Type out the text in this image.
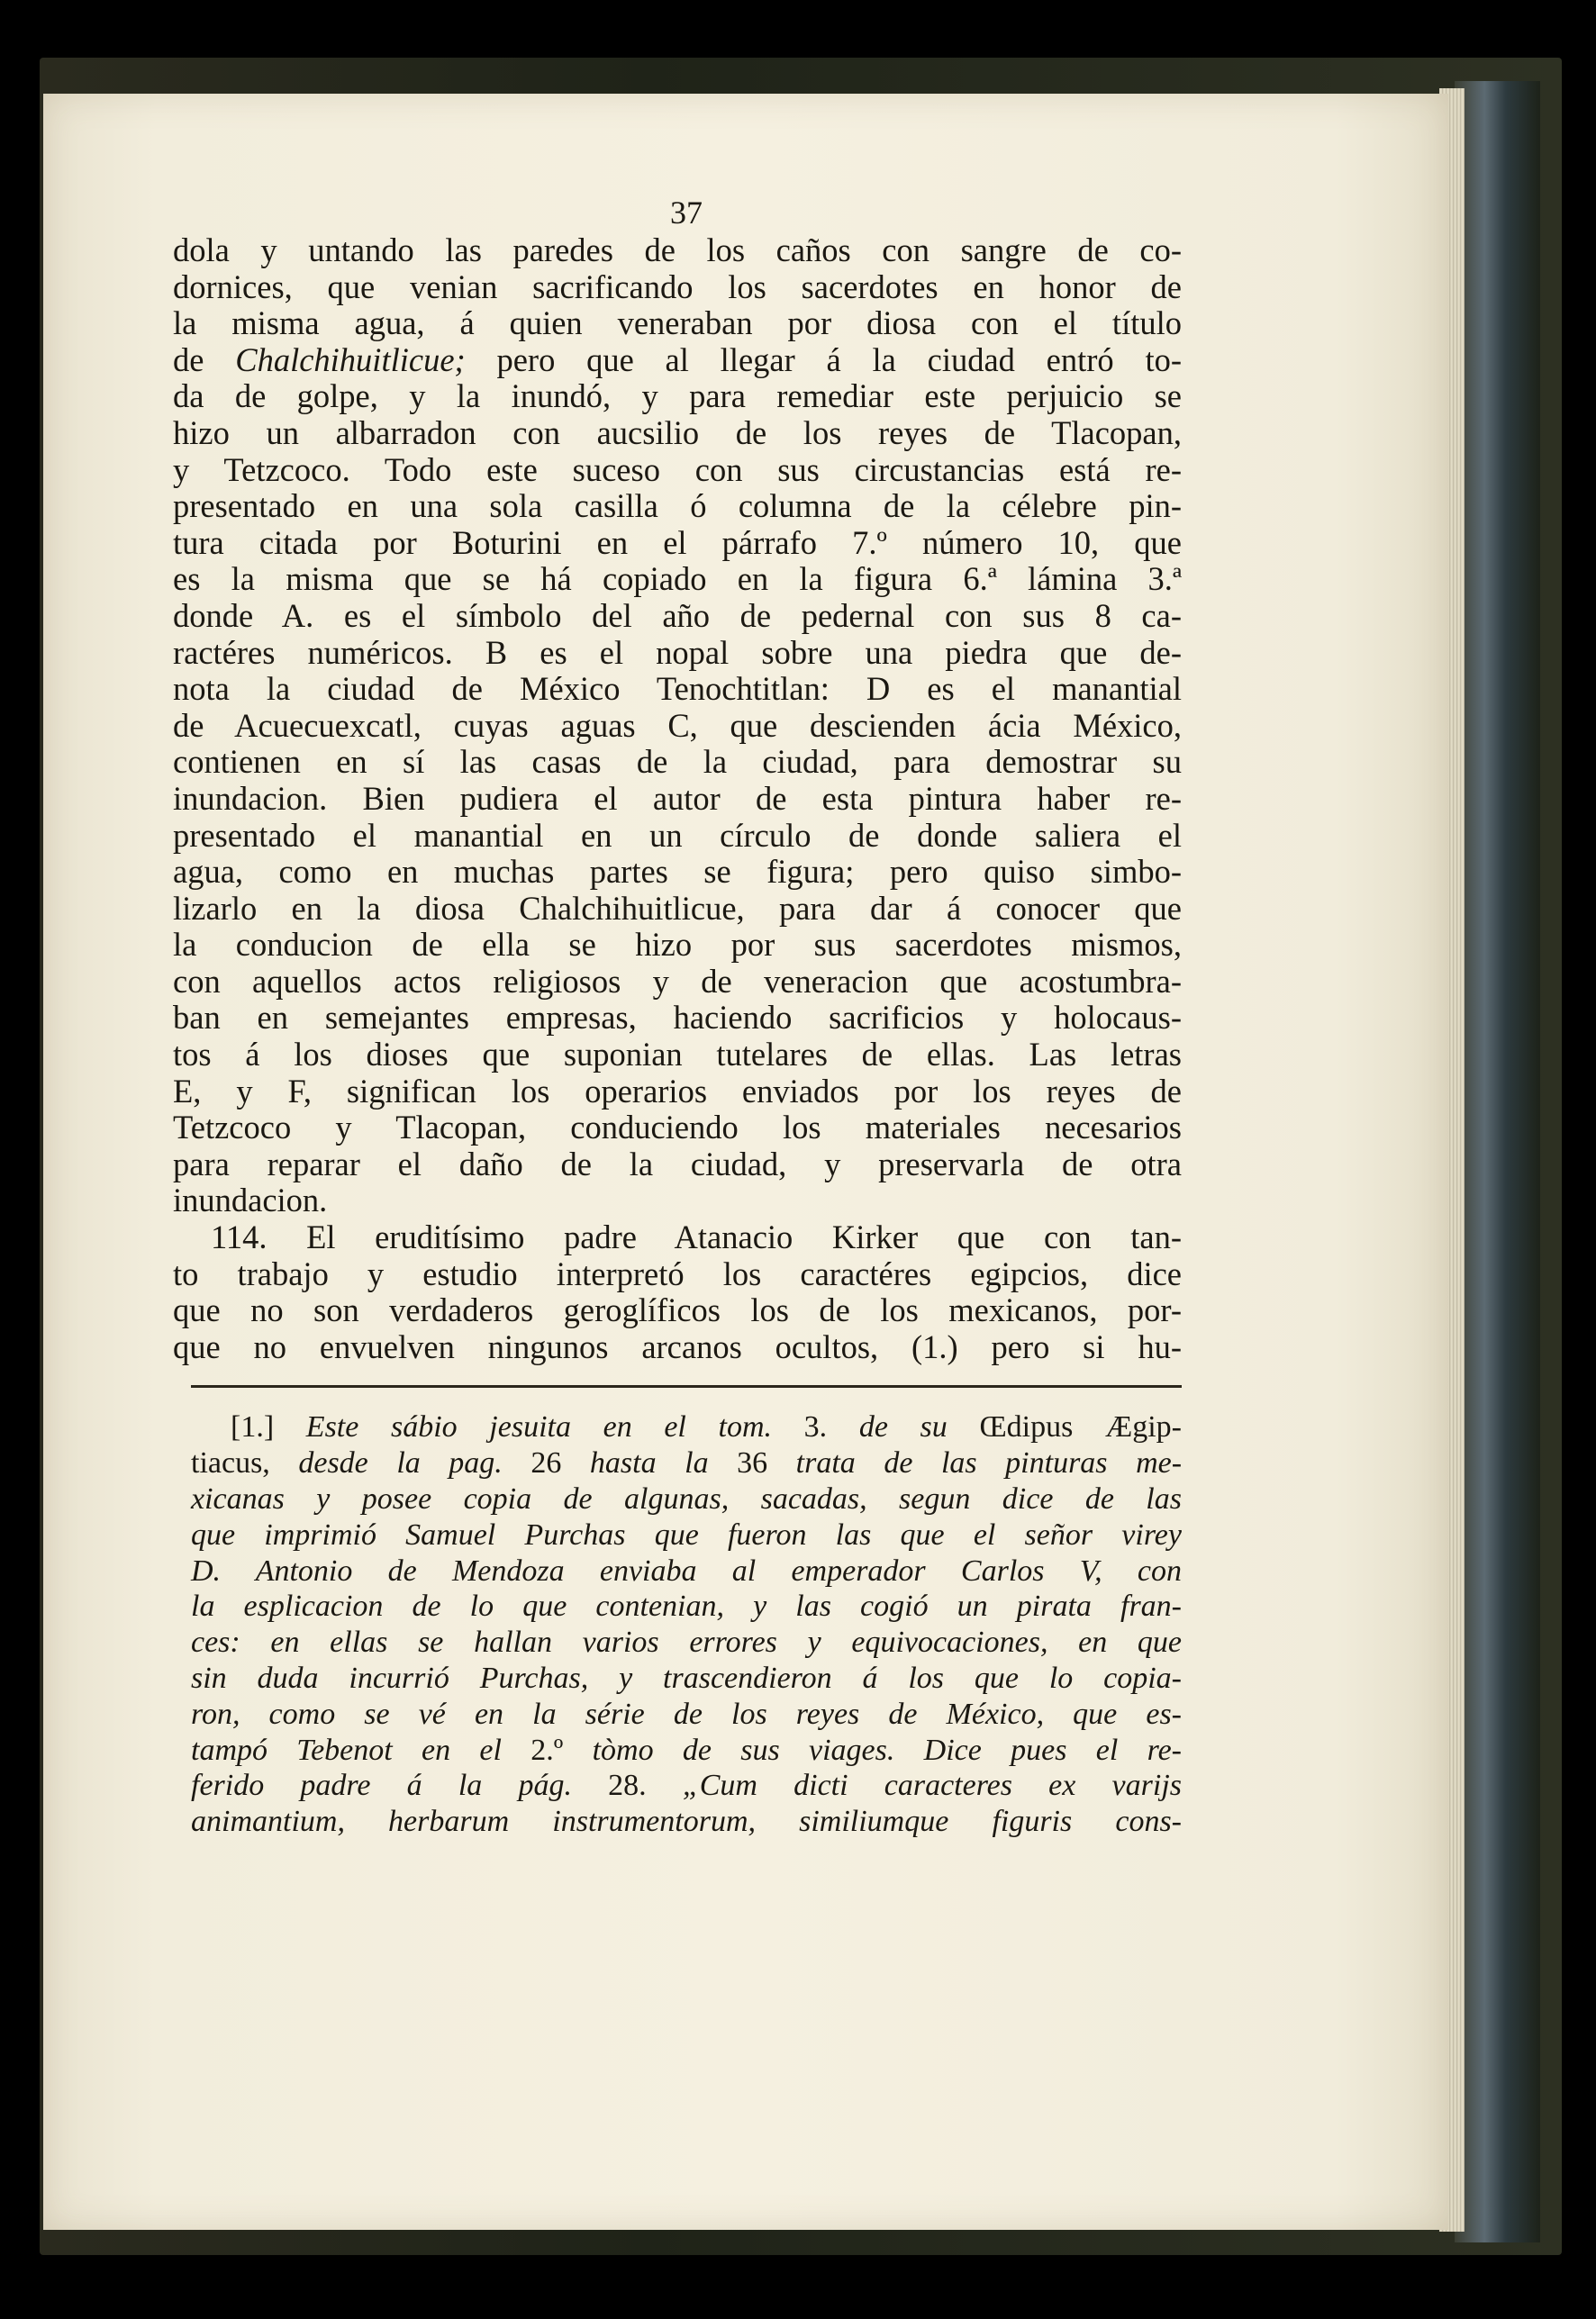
37
dola y untando las paredes de los caños con sangre de co-
dornices, que venian sacrificando los sacerdotes en honor de
la misma agua, á quien veneraban por diosa con el título
de Chalchihuitlicue; pero que al llegar á la ciudad entró to-
da de golpe, y la inundó, y para remediar este perjuicio se
hizo un albarradon con aucsilio de los reyes de Tlacopan,
y Tetzcoco. Todo este suceso con sus circustancias está re-
presentado en una sola casilla ó columna de la célebre pin-
tura citada por Boturini en el párrafo 7.º número 10, que
es la misma que se há copiado en la figura 6.ª lámina 3.ª
donde A. es el símbolo del año de pedernal con sus 8 ca-
ractéres numéricos. B es el nopal sobre una piedra que de-
nota la ciudad de México Tenochtitlan: D es el manantial
de Acuecuexcatl, cuyas aguas C, que descienden ácia México,
contienen en sí las casas de la ciudad, para demostrar su
inundacion. Bien pudiera el autor de esta pintura haber re-
presentado el manantial en un círculo de donde saliera el
agua, como en muchas partes se figura; pero quiso simbo-
lizarlo en la diosa Chalchihuitlicue, para dar á conocer que
la conducion de ella se hizo por sus sacerdotes mismos,
con aquellos actos religiosos y de veneracion que acostumbra-
ban en semejantes empresas, haciendo sacrificios y holocaus-
tos á los dioses que suponian tutelares de ellas. Las letras
E, y F, significan los operarios enviados por los reyes de
Tetzcoco y Tlacopan, conduciendo los materiales necesarios
para reparar el daño de la ciudad, y preservarla de otra
inundacion.
114. El eruditísimo padre Atanacio Kirker que con tan-
to trabajo y estudio interpretó los caractéres egipcios, dice
que no son verdaderos geroglíficos los de los mexicanos, por-
que no envuelven ningunos arcanos ocultos, (1.) pero si hu-
[1.] Este sábio jesuita en el tom. 3. de su Œdipus Ægip-
tiacus, desde la pag. 26 hasta la 36 trata de las pinturas me-
xicanas y posee copia de algunas, sacadas, segun dice de las
que imprimió Samuel Purchas que fueron las que el señor virey
D. Antonio de Mendoza enviaba al emperador Carlos V, con
la esplicacion de lo que contenian, y las cogió un pirata fran-
ces: en ellas se hallan varios errores y equivocaciones, en que
sin duda incurrió Purchas, y trascendieron á los que lo copia-
ron, como se vé en la série de los reyes de México, que es-
tampó Tebenot en el 2.º tòmo de sus viages. Dice pues el re-
ferido padre á la pág. 28. „Cum dicti caracteres ex varijs
animantium, herbarum instrumentorum, similiumque figuris cons-
